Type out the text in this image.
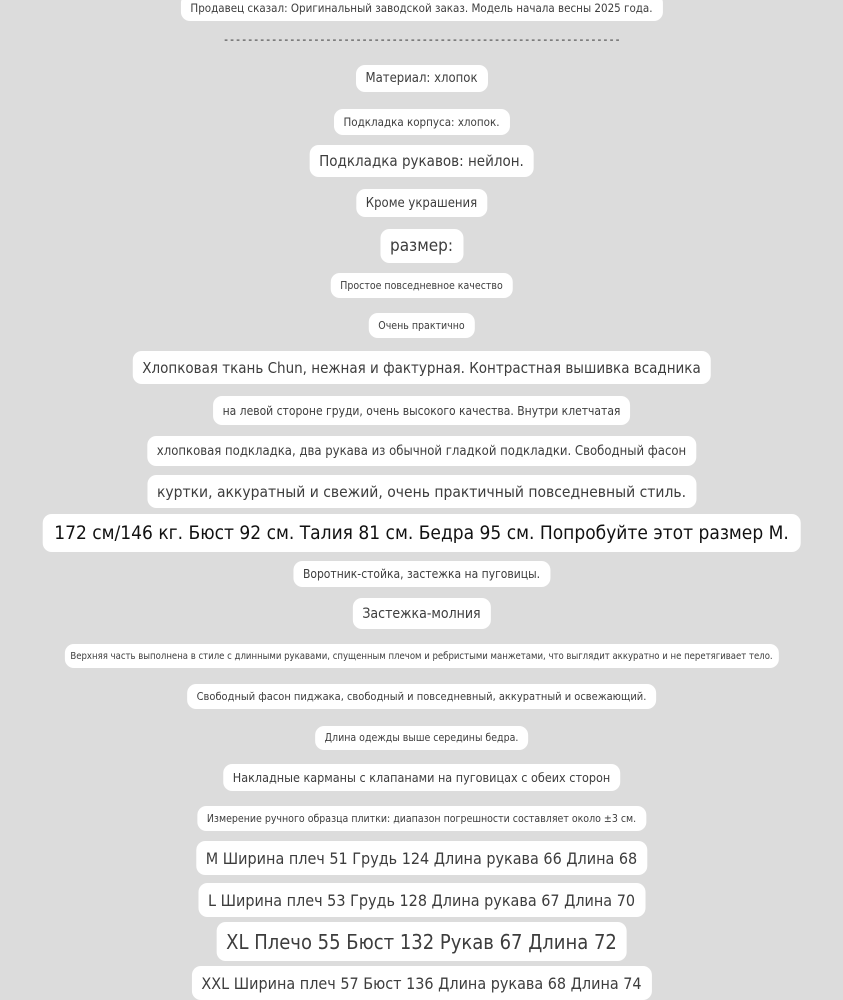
Продавец сказал: Оригинальный заводской заказ. Модель начала весны 2025 года.
------------------------------------------------------------------
Материал: хлопок
Подкладка корпуса: хлопок.
Подкладка рукавов: нейлон.
Кроме украшения
размер:
Простое повседневное качество
Очень практично
Хлопковая ткань Chun, нежная и фактурная. Контрастная вышивка всадника
на левой стороне груди, очень высокого качества. Внутри клетчатая
хлопковая подкладка, два рукава из обычной гладкой подкладки. Свободный фасон
куртки, аккуратный и свежий, очень практичный повседневный стиль.
172 см/146 кг. Бюст 92 см. Талия 81 см. Бедра 95 см. Попробуйте этот размер M.
Воротник-стойка, застежка на пуговицы.
Застежка-молния
Верхняя часть выполнена в стиле с длинными рукавами, спущенным плечом и ребристыми манжетами, что выглядит аккуратно и не перетягивает тело.
Свободный фасон пиджака, свободный и повседневный, аккуратный и освежающий.
Длина одежды выше середины бедра.
Накладные карманы с клапанами на пуговицах с обеих сторон
Измерение ручного образца плитки: диапазон погрешности составляет около ±3 см.
M Ширина плеч 51 Грудь 124 Длина рукава 66 Длина 68
L Ширина плеч 53 Грудь 128 Длина рукава 67 Длина 70
XL Плечо 55 Бюст 132 Рукав 67 Длина 72
XXL Ширина плеч 57 Бюст 136 Длина рукава 68 Длина 74
